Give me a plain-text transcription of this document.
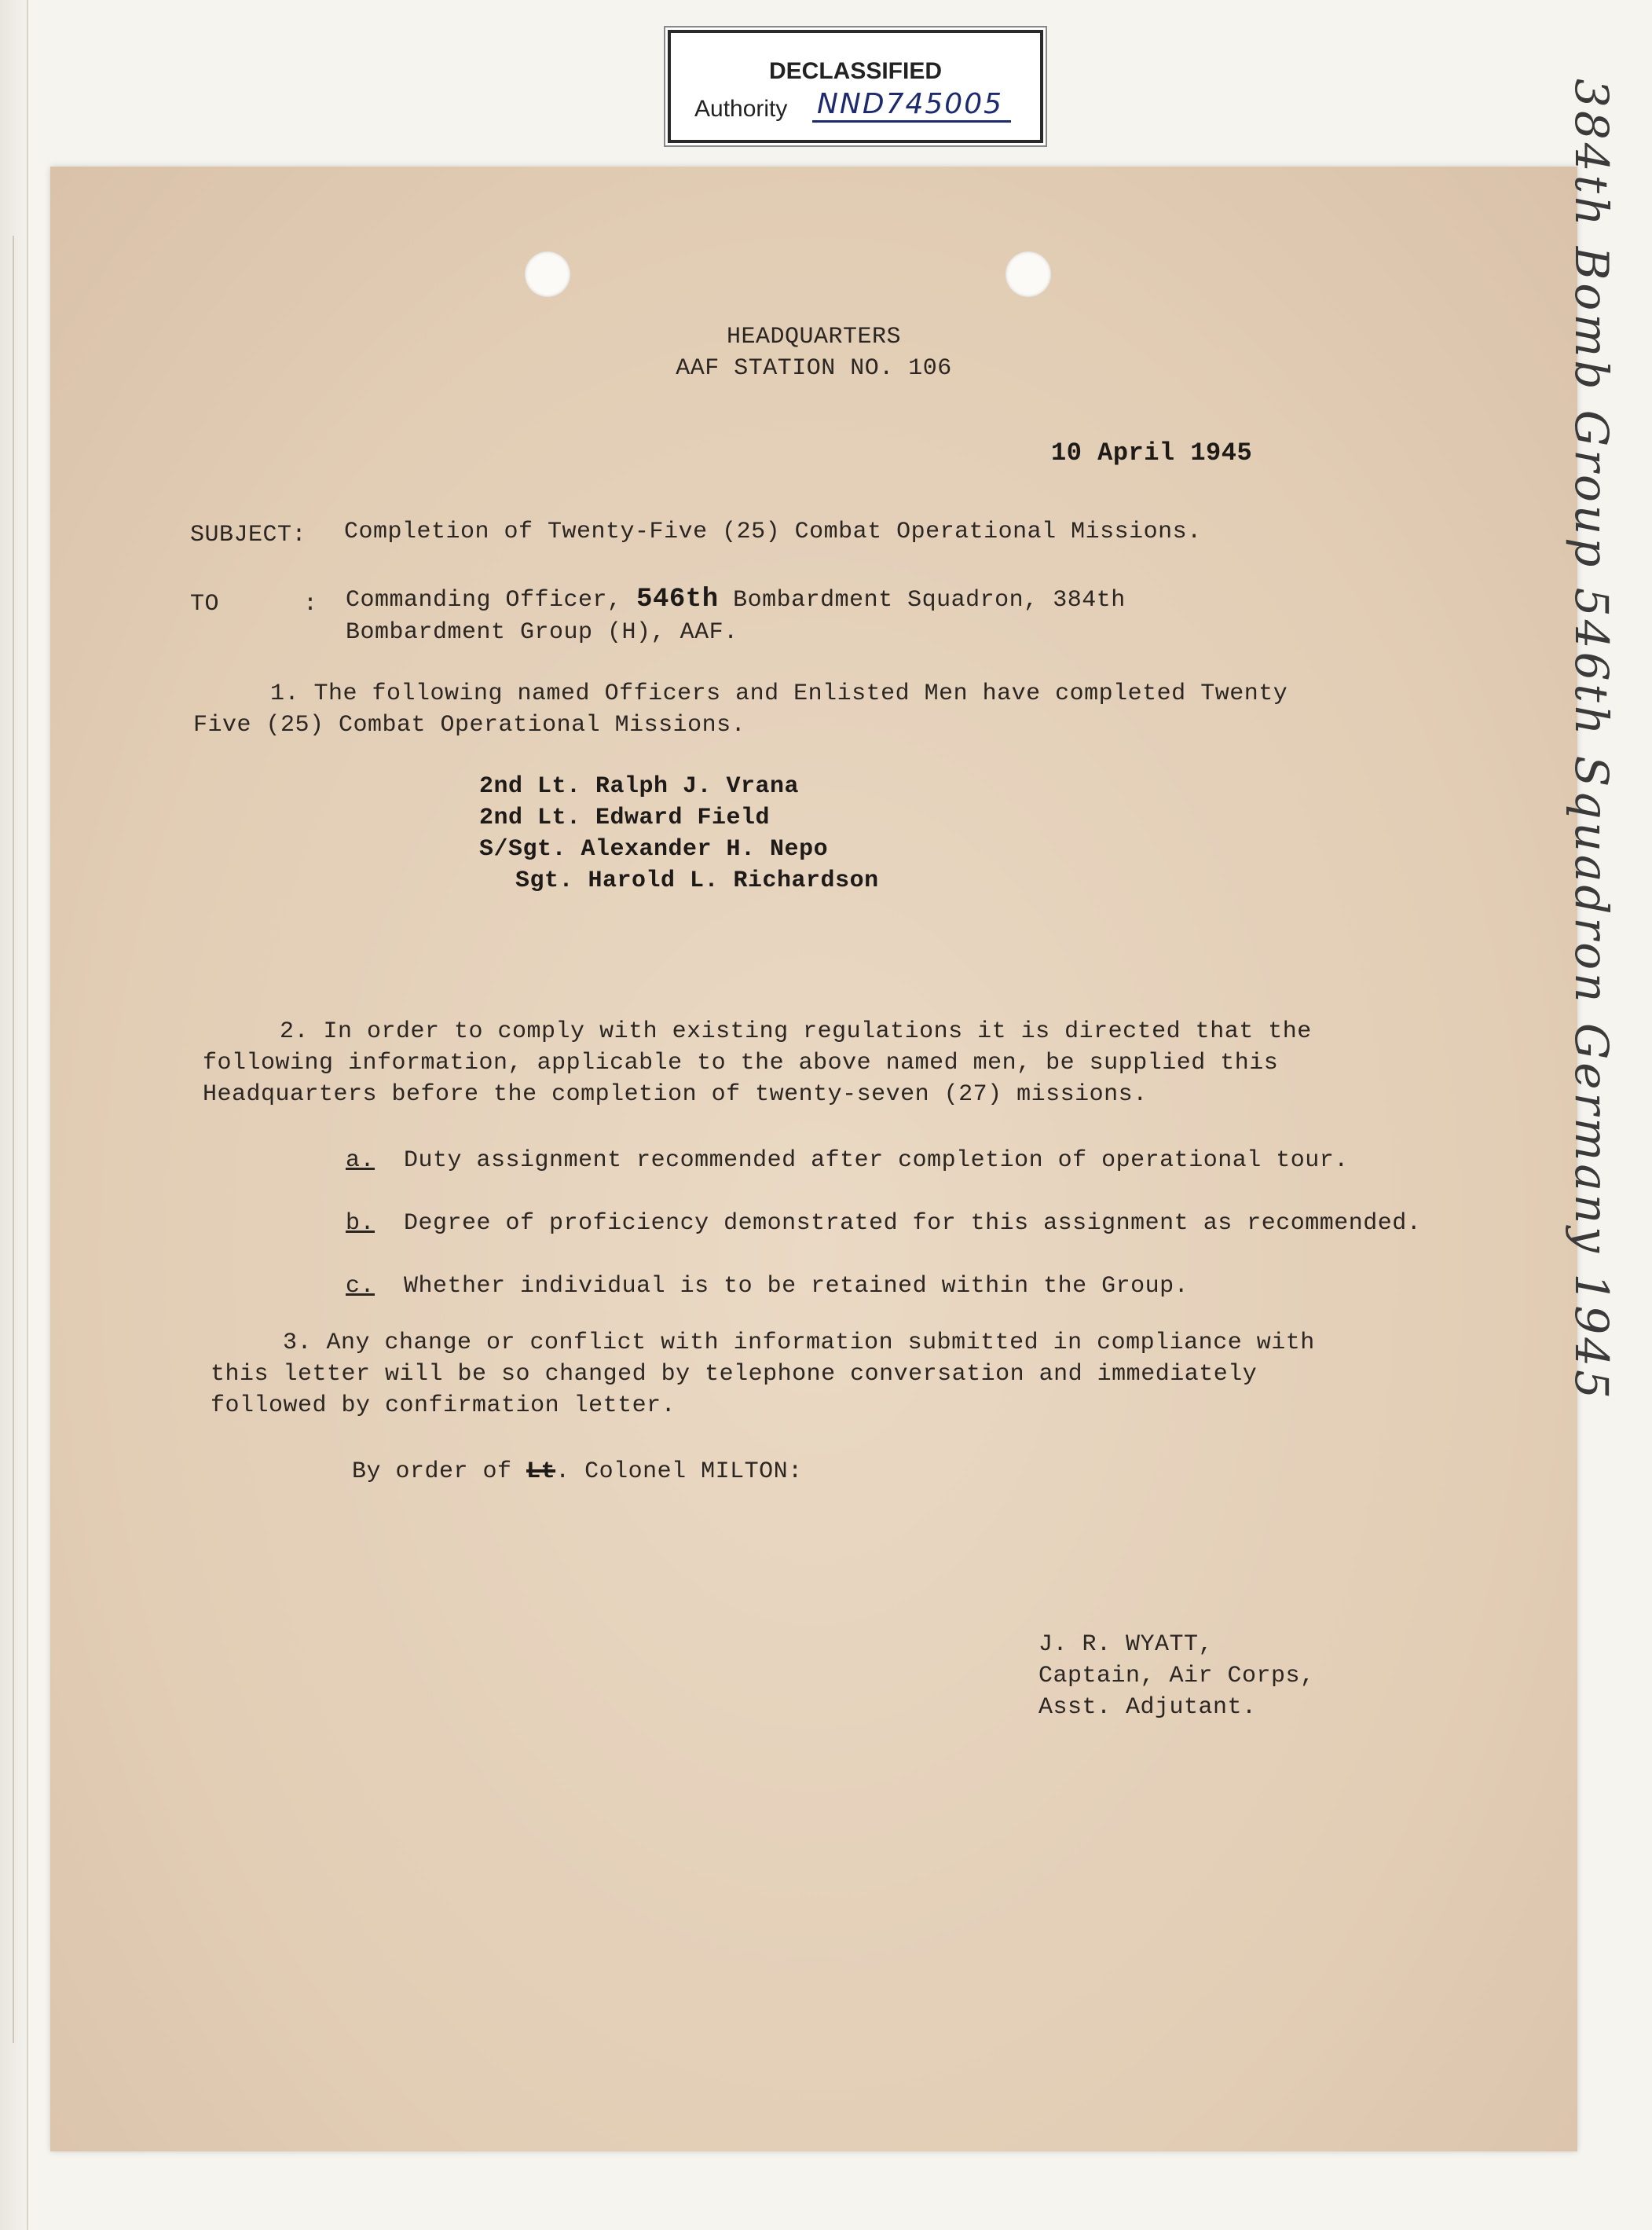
DECLASSIFIED
Authority NND745005
HEADQUARTERS
AAF STATION NO. 106
10 April 1945
SUBJECT: Completion of Twenty-Five (25) Combat Operational Missions.
TO	: Commanding Officer, 546th Bombardment Squadron, 384th
Bombardment Group (H), AAF.
1. The following named Officers and Enlisted Men have completed Twenty
Five (25) Combat Operational Missions.
2nd Lt. Ralph J. Vrana
2nd Lt. Edward Field
S/Sgt. Alexander H. Nepo
Sgt. Harold L. Richardson
2. In order to comply with existing regulations it is directed that the
following information, applicable to the above named men, be supplied this
Headquarters before the completion of twenty-seven (27) missions.
a. Duty assignment recommended after completion of operational tour.
b. Degree of proficiency demonstrated for this assignment as recommended.
c. Whether individual is to be retained within the Group.
3. Any change or conflict with information submitted in compliance with
this letter will be so changed by telephone conversation and immediately
followed by confirmation letter.
By order of Lt. Colonel MILTON:
J. R. WYATT,
Captain, Air Corps,
Asst. Adjutant.
384th Bomb Group 546th Squadron Germany 1945
